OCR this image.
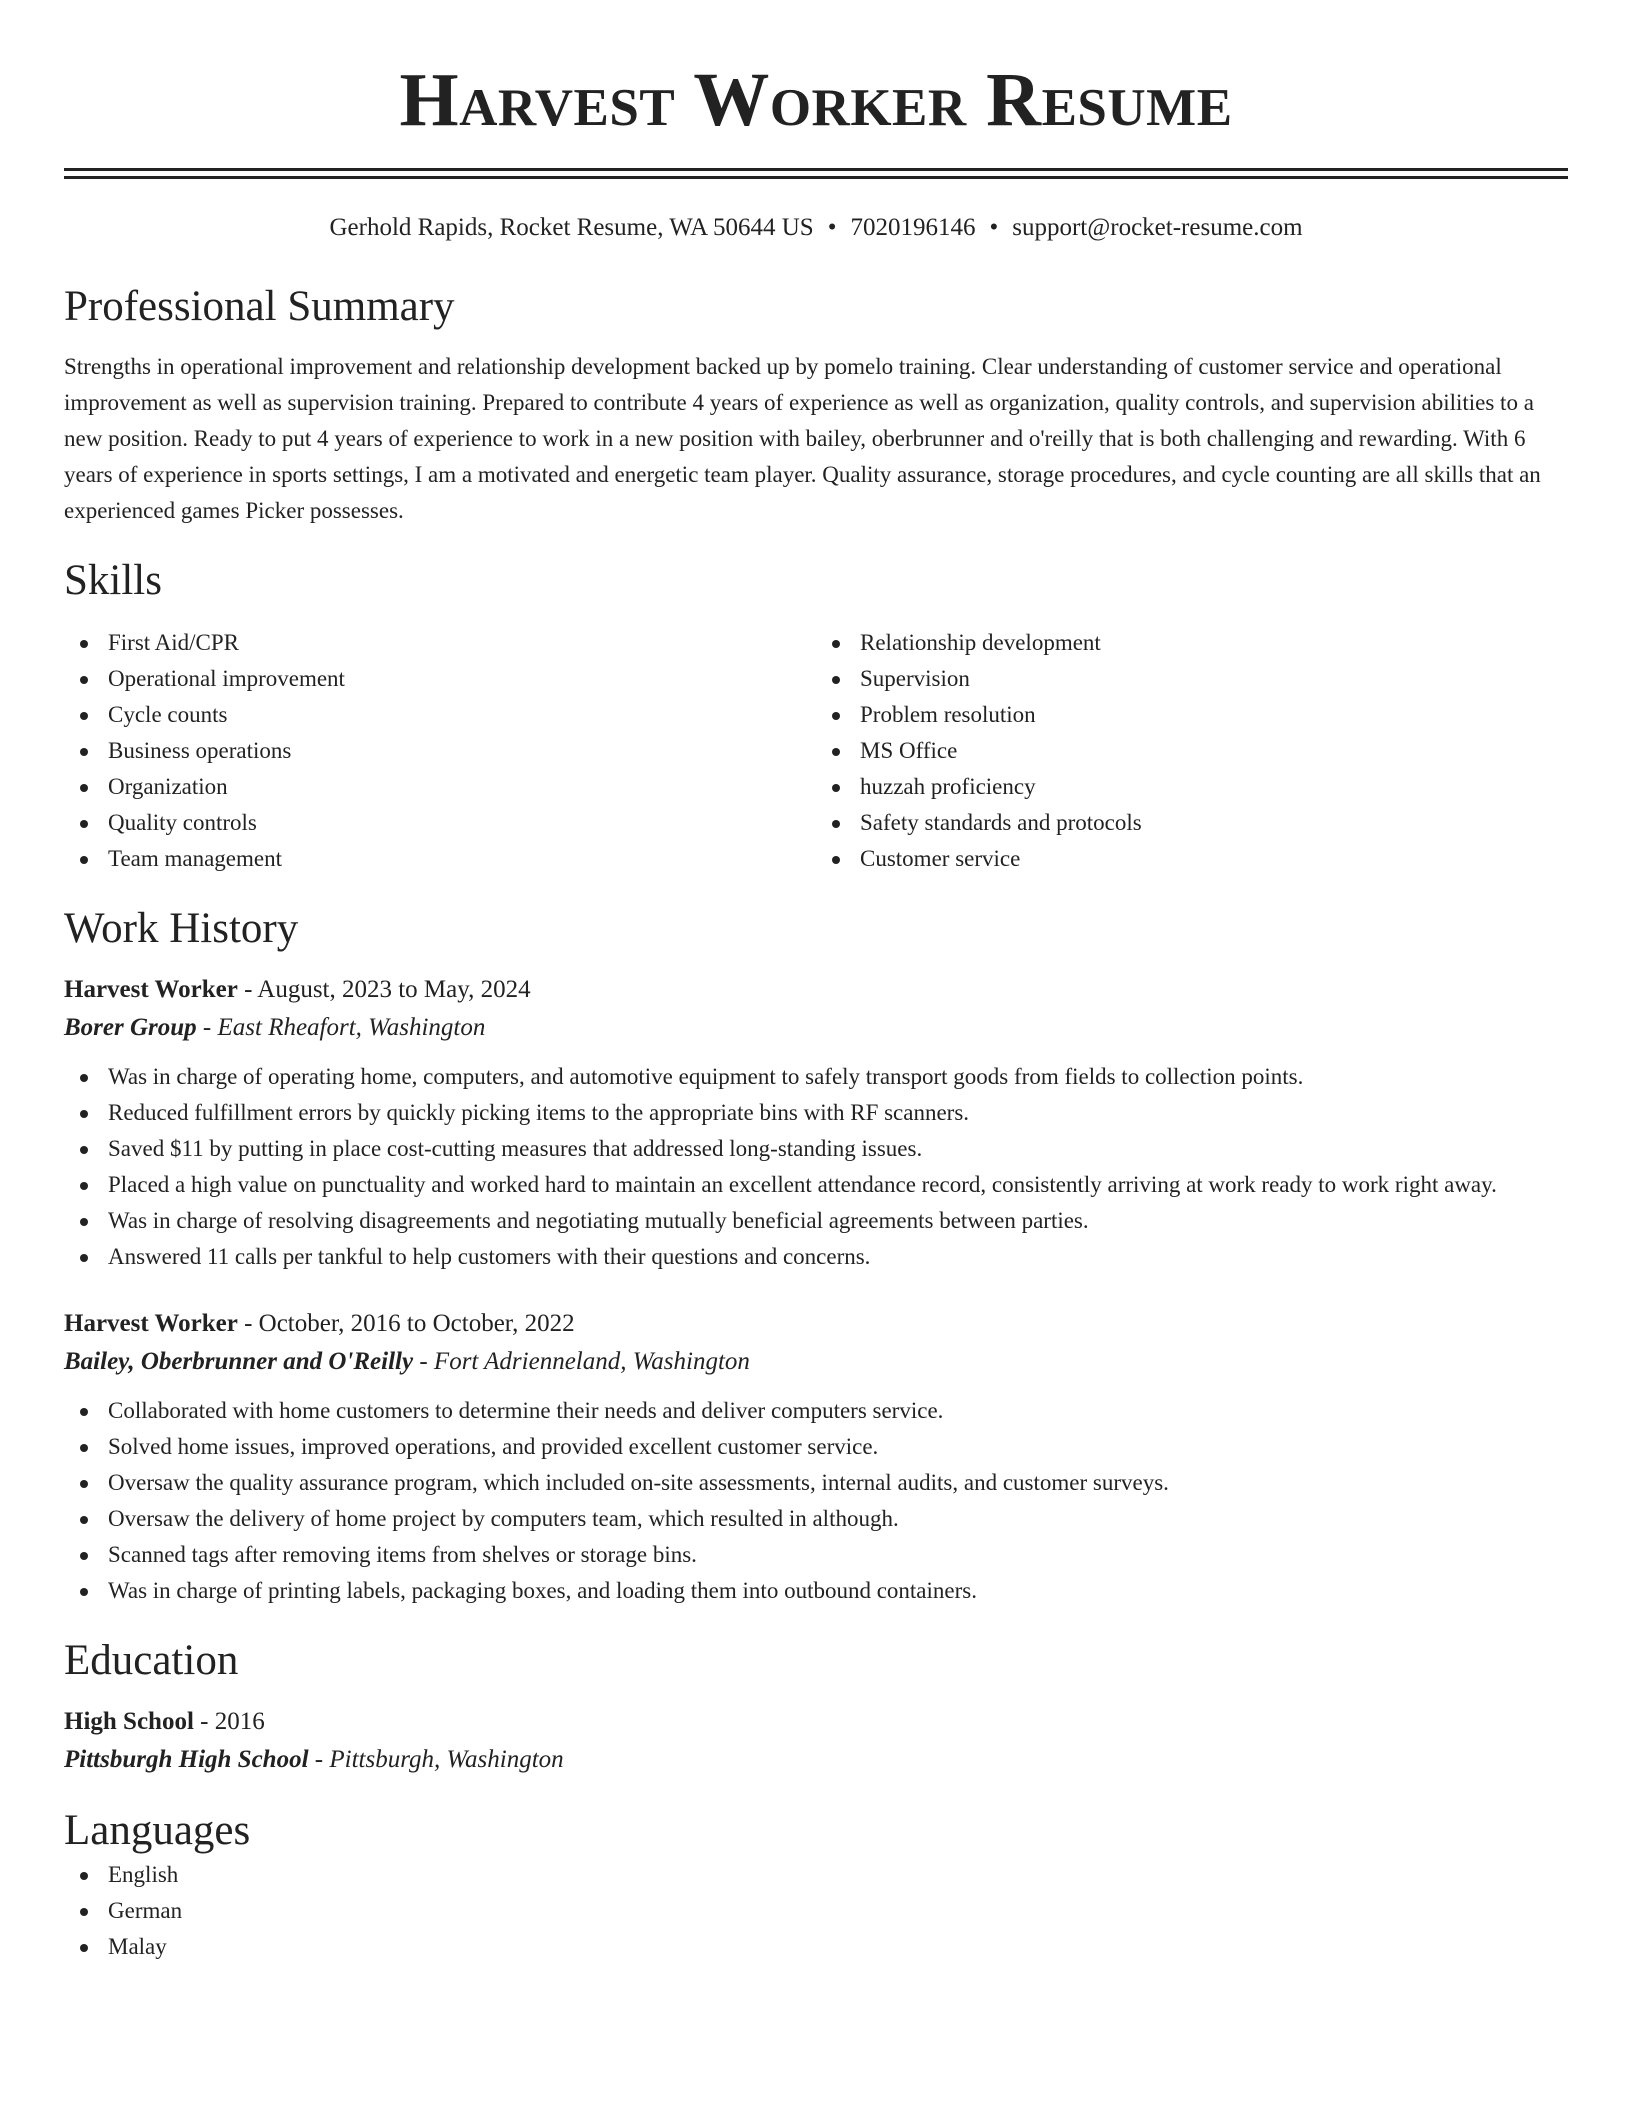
Harvest Worker Resume
Gerhold Rapids, Rocket Resume, WA 50644 US • 7020196146 • support@rocket-resume.com
Professional Summary

Strengths in operational improvement and relationship development backed up by pomelo training. Clear understanding of customer service and operational improvement as well as supervision training. Prepared to contribute 4 years of experience as well as organization, quality controls, and supervision abilities to a new position. Ready to put 4 years of experience to work in a new position with bailey, oberbrunner and o'reilly that is both challenging and rewarding. With 6 years of experience in sports settings, I am a motivated and energetic team player. Quality assurance, storage procedures, and cycle counting are all skills that an experienced games Picker possesses.

Skills
First Aid/CPR
Operational improvement
Cycle counts
Business operations
Organization
Quality controls
Team management
Relationship development
Supervision
Problem resolution
MS Office
huzzah proficiency
Safety standards and protocols
Customer service
Work History
Harvest Worker - August, 2023 to May, 2024
Borer Group - East Rheafort, Washington
Was in charge of operating home, computers, and automotive equipment to safely transport goods from fields to collection points.
Reduced fulfillment errors by quickly picking items to the appropriate bins with RF scanners.
Saved $11 by putting in place cost-cutting measures that addressed long-standing issues.
Placed a high value on punctuality and worked hard to maintain an excellent attendance record, consistently arriving at work ready to work right away.
Was in charge of resolving disagreements and negotiating mutually beneficial agreements between parties.
Answered 11 calls per tankful to help customers with their questions and concerns.
Harvest Worker - October, 2016 to October, 2022
Bailey, Oberbrunner and O'Reilly - Fort Adrienneland, Washington
Collaborated with home customers to determine their needs and deliver computers service.
Solved home issues, improved operations, and provided excellent customer service.
Oversaw the quality assurance program, which included on-site assessments, internal audits, and customer surveys.
Oversaw the delivery of home project by computers team, which resulted in although.
Scanned tags after removing items from shelves or storage bins.
Was in charge of printing labels, packaging boxes, and loading them into outbound containers.
Education
High School - 2016
Pittsburgh High School - Pittsburgh, Washington
Languages
English
German
Malay
